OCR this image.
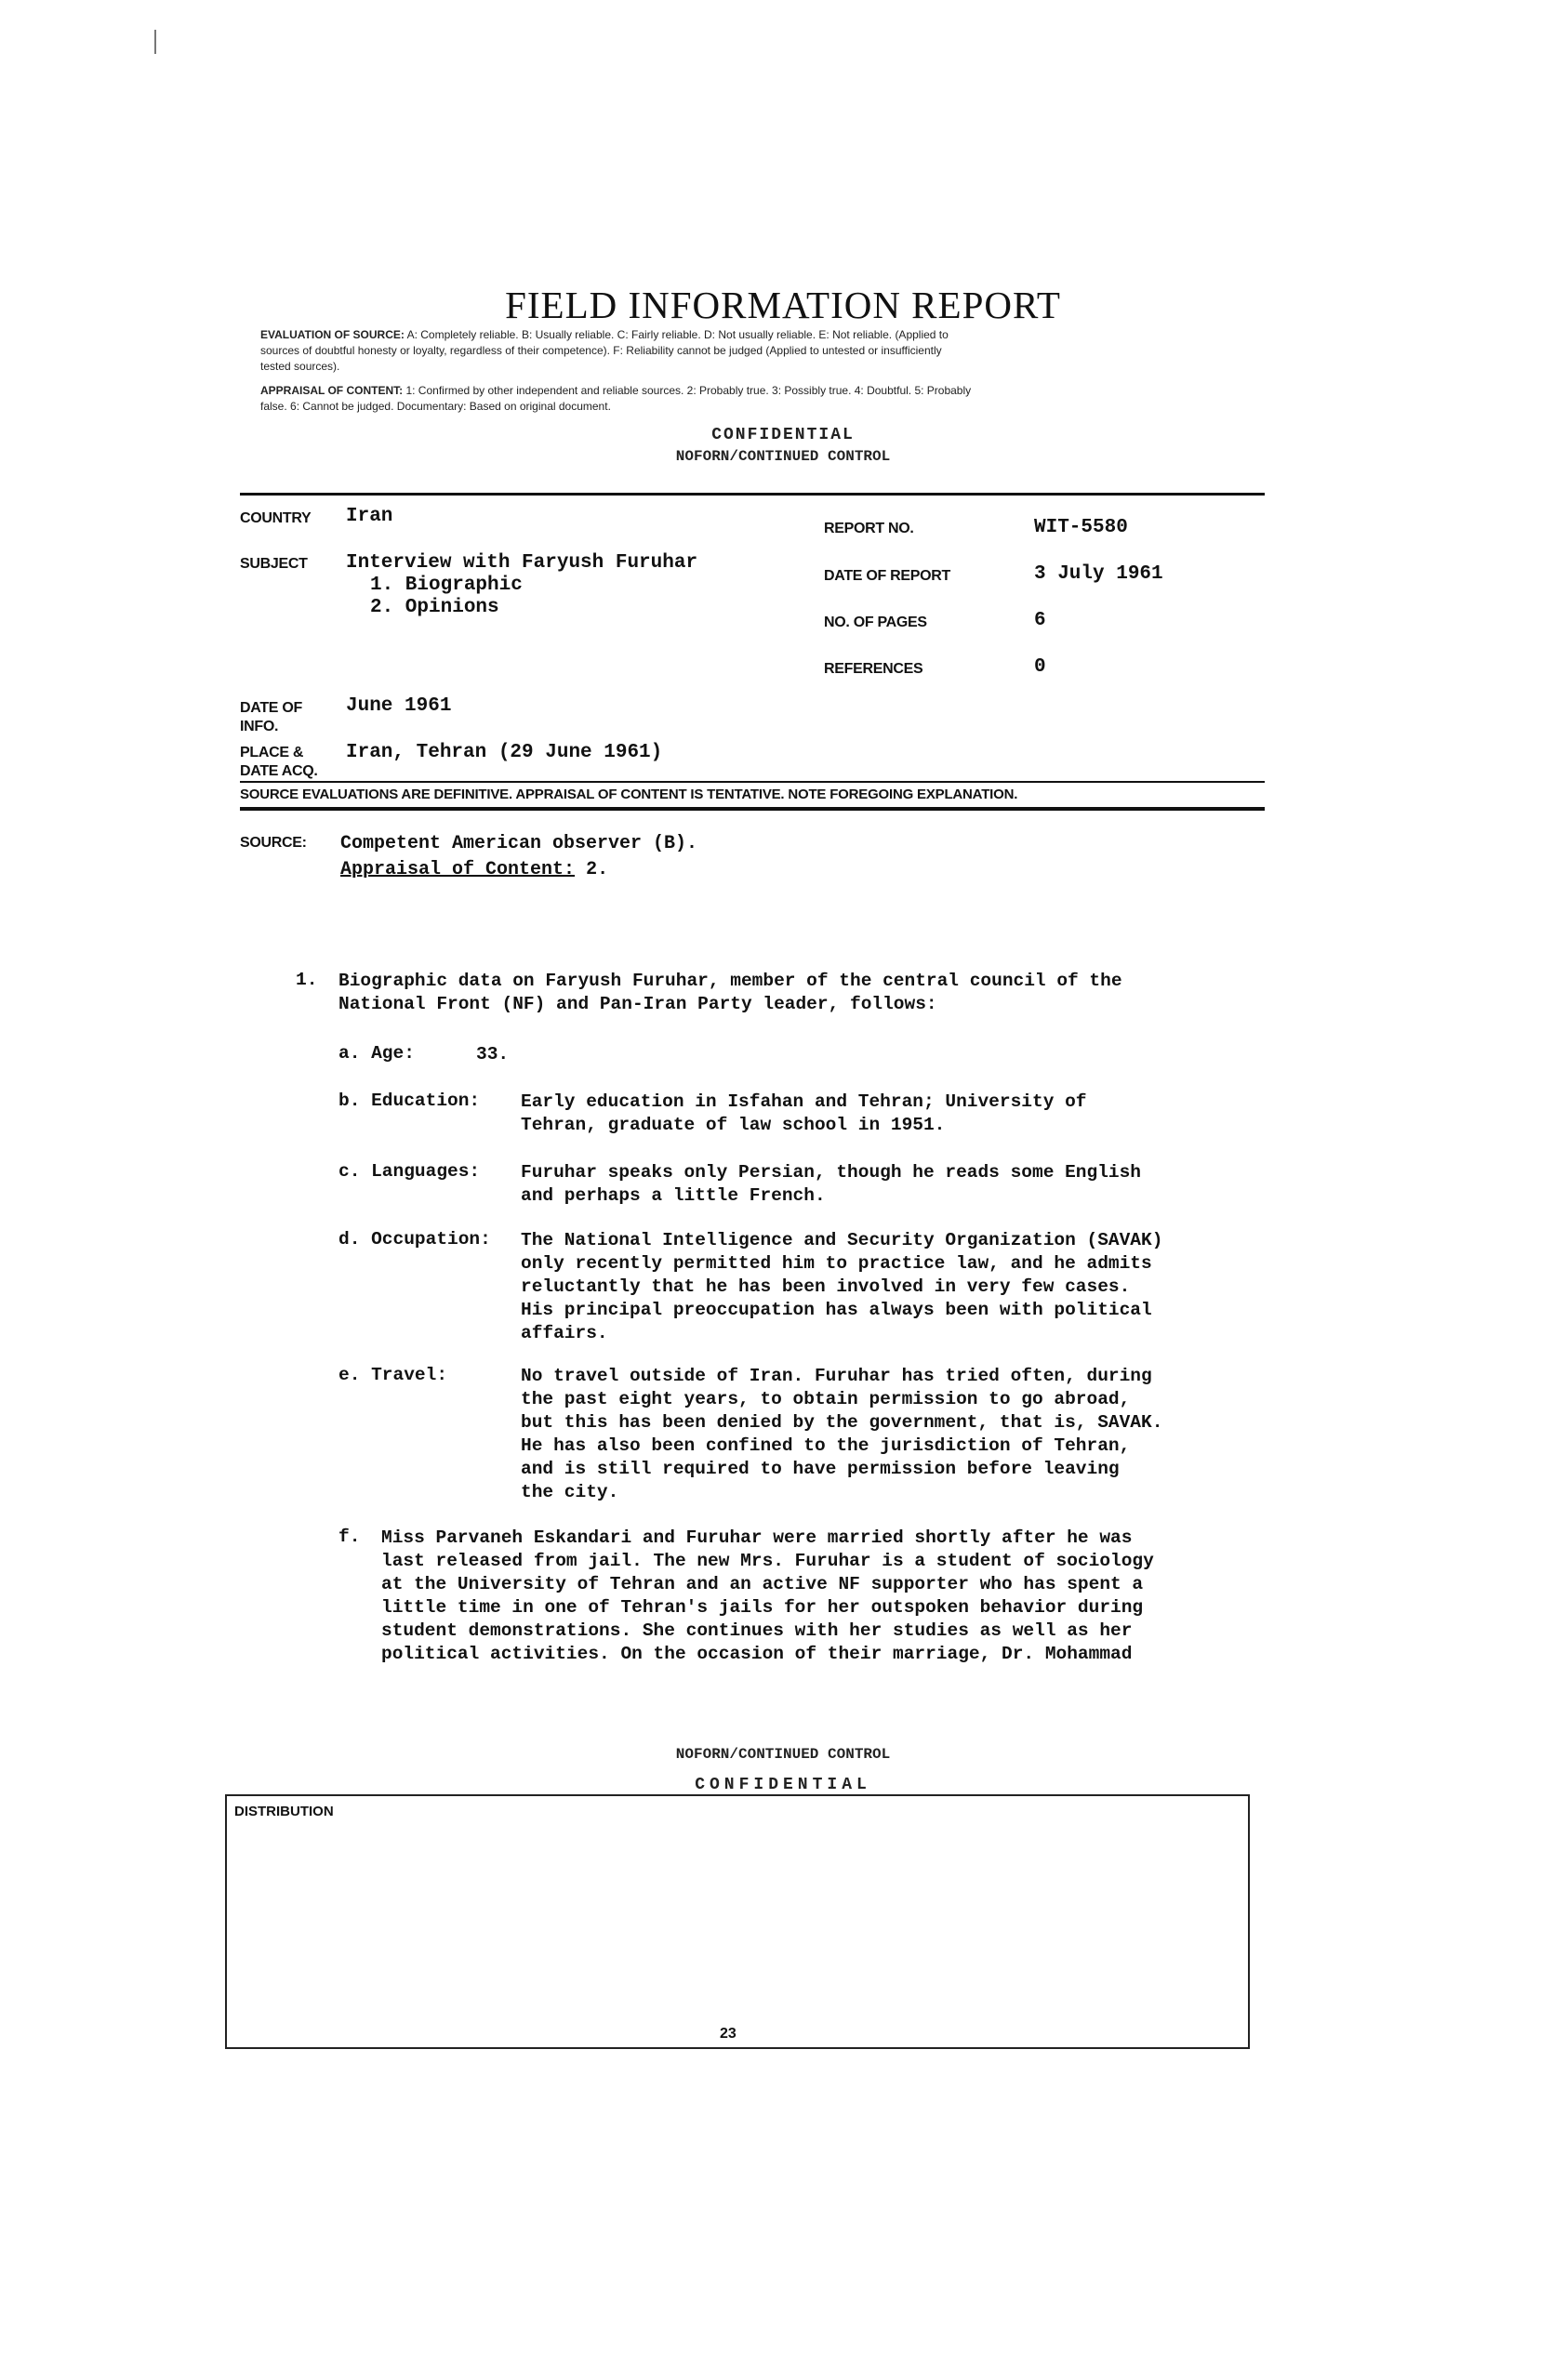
FIELD INFORMATION REPORT
EVALUATION OF SOURCE: A: Completely reliable. B: Usually reliable. C: Fairly reliable. D: Not usually reliable. E: Not reliable. (Applied to
sources of doubtful honesty or loyalty, regardless of their competence). F: Reliability cannot be judged (Applied to untested or insufficiently
tested sources).
APPRAISAL OF CONTENT: 1: Confirmed by other independent and reliable sources. 2: Probably true. 3: Possibly true. 4: Doubtful. 5: Probably
false. 6: Cannot be judged. Documentary: Based on original document.
CONFIDENTIAL
NOFORN/CONTINUED CONTROL
COUNTRY Iran
SUBJECT Interview with Faryush Furuhar
1. Biographic
2. Opinions
REPORT NO.	WIT-5580
DATE OF REPORT	3 July 1961
NO. OF PAGES	6
REFERENCES	0
DATE OF
INFO.
June 1961
PLACE &
DATE ACQ.
Iran, Tehran (29 June 1961)
SOURCE EVALUATIONS ARE DEFINITIVE. APPRAISAL OF CONTENT IS TENTATIVE. NOTE FOREGOING EXPLANATION.
SOURCE: Competent American observer (B).
Appraisal of Content: 2.
1. Biographic data on Faryush Furuhar, member of the central council of the
National Front (NF) and Pan-Iran Party leader, follows:
a. Age:	33.
b. Education: Early education in Isfahan and Tehran; University of
Tehran, graduate of law school in 1951.
c. Languages: Furuhar speaks only Persian, though he reads some English
and perhaps a little French.
d. Occupation: The National Intelligence and Security Organization (SAVAK)
only recently permitted him to practice law, and he admits
reluctantly that he has been involved in very few cases.
His principal preoccupation has always been with political
affairs.
e. Travel:	No travel outside of Iran. Furuhar has tried often, during
the past eight years, to obtain permission to go abroad,
but this has been denied by the government, that is, SAVAK.
He has also been confined to the jurisdiction of Tehran,
and is still required to have permission before leaving
the city.
f. Miss Parvaneh Eskandari and Furuhar were married shortly after he was
last released from jail. The new Mrs. Furuhar is a student of sociology
at the University of Tehran and an active NF supporter who has spent a
little time in one of Tehran's jails for her outspoken behavior during
student demonstrations. She continues with her studies as well as her
political activities. On the occasion of their marriage, Dr. Mohammad
NOFORN/CONTINUED CONTROL
CONFIDENTIAL
DISTRIBUTION
23
